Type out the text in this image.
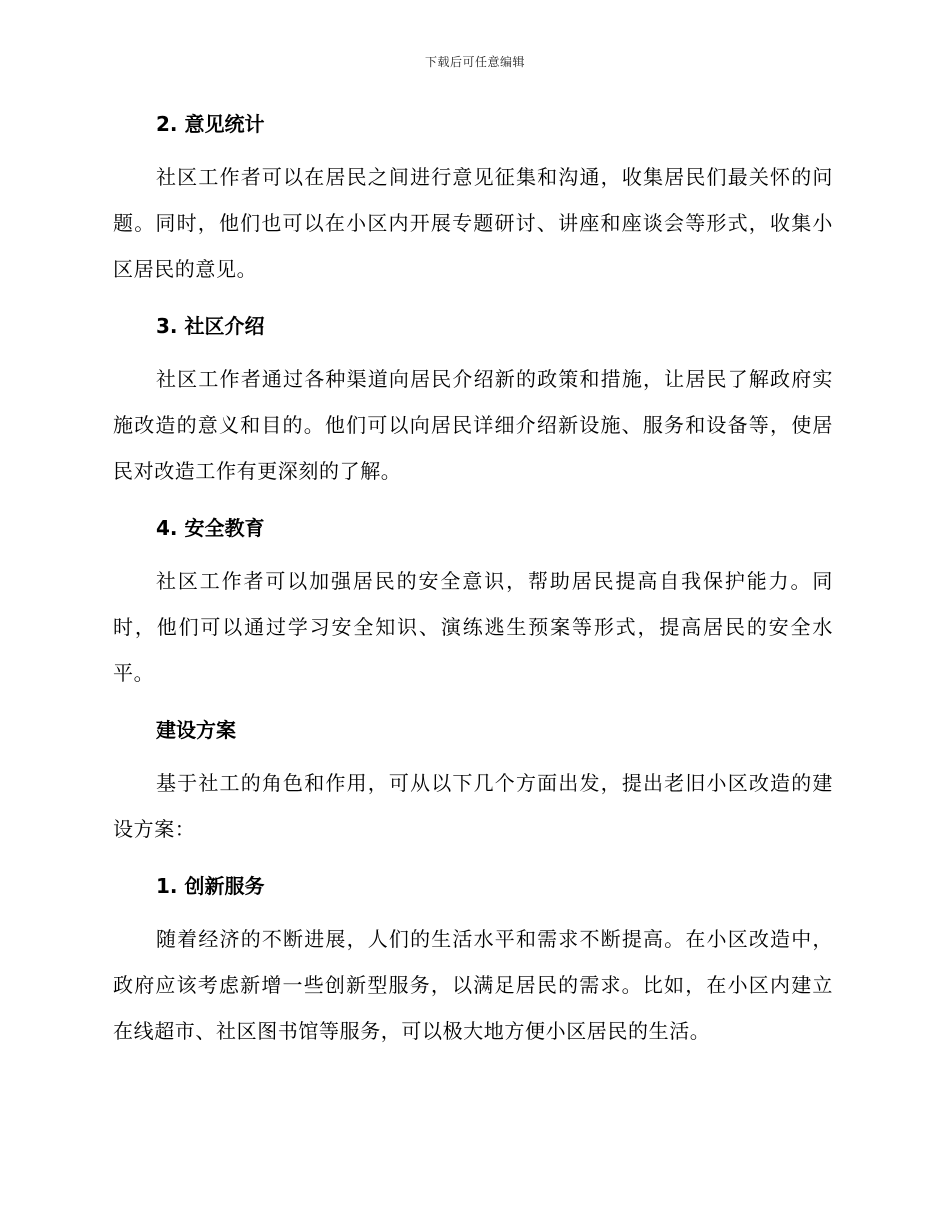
下载后可任意编辑

2. 意见统计

社区工作者可以在居民之间进行意见征集和沟通，收集居民们最关怀的问题。同时，他们也可以在小区内开展专题研讨、讲座和座谈会等形式，收集小区居民的意见。

3. 社区介绍

社区工作者通过各种渠道向居民介绍新的政策和措施，让居民了解政府实施改造的意义和目的。他们可以向居民详细介绍新设施、服务和设备等，使居民对改造工作有更深刻的了解。

4. 安全教育

社区工作者可以加强居民的安全意识，帮助居民提高自我保护能力。同时，他们可以通过学习安全知识、演练逃生预案等形式，提高居民的安全水平。

建设方案

基于社工的角色和作用，可从以下几个方面出发，提出老旧小区改造的建设方案：

1. 创新服务

随着经济的不断进展，人们的生活水平和需求不断提高。在小区改造中，政府应该考虑新增一些创新型服务，以满足居民的需求。比如，在小区内建立在线超市、社区图书馆等服务，可以极大地方便小区居民的生活。
